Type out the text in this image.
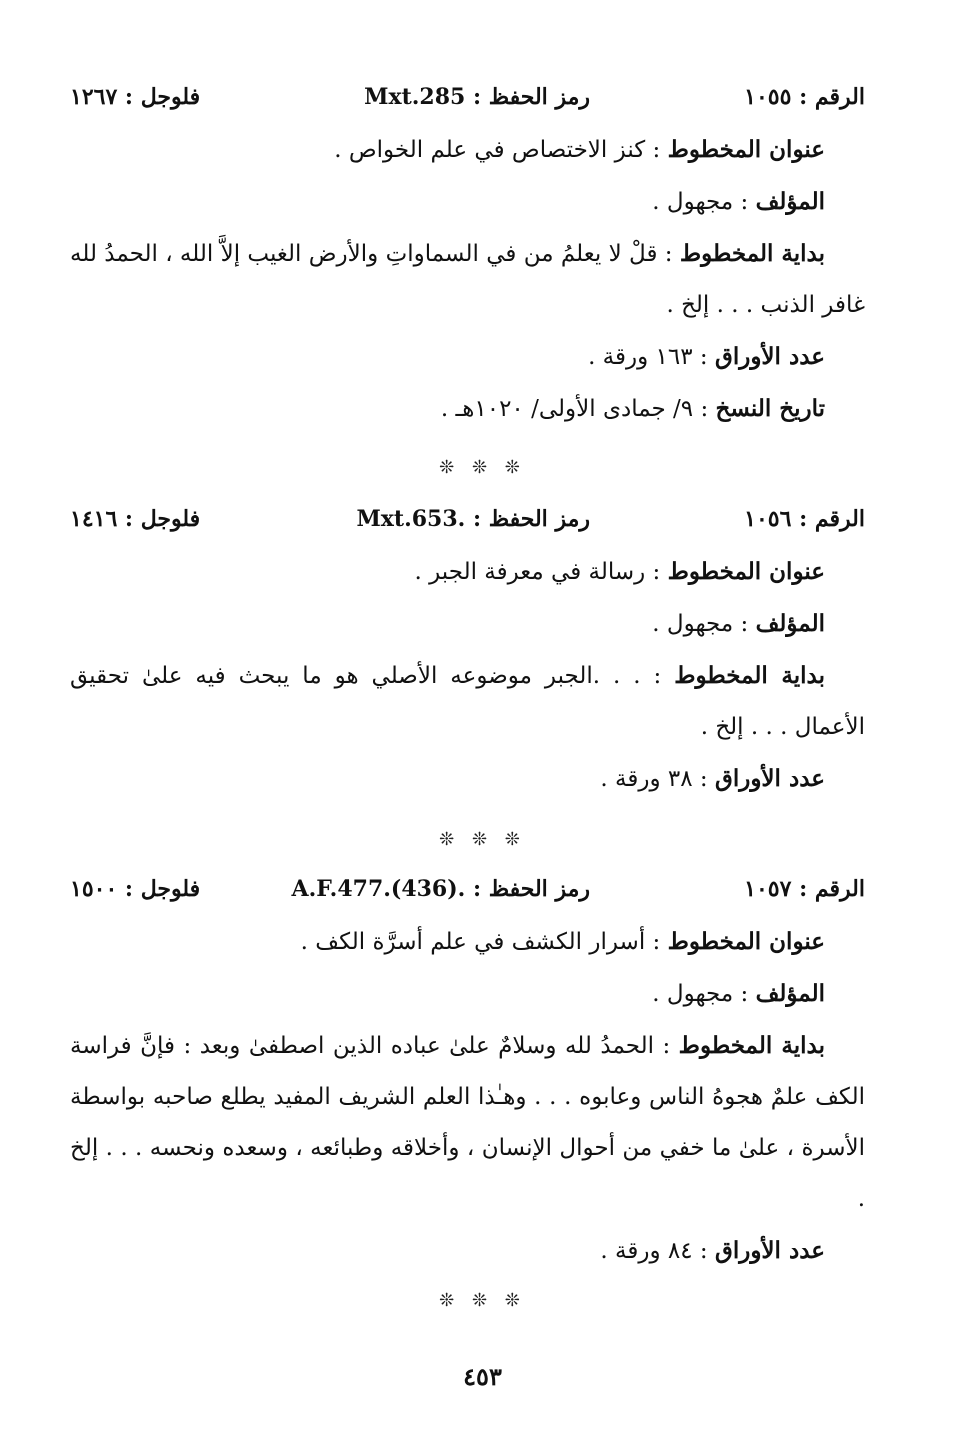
الرقم : ١٠٥٥
رمز الحفظ : Mxt.285
فلوجل : ١٢٦٧
عنوان المخطوط : كنز الاختصاص في علم الخواص .
المؤلف : مجهول .
بداية المخطوط : قلْ لا يعلمُ من في السماواتِ والأرض الغيب إلاَّ الله ، الحمدُ لله غافر الذنب . . . إلخ .
عدد الأوراق : ١٦٣ ورقة .
تاريخ النسخ : ٩/ جمادى الأولى/ ١٠٢٠هـ .
❊ ❊ ❊
الرقم : ١٠٥٦
رمز الحفظ : Mxt.653.
فلوجل : ١٤١٦
عنوان المخطوط : رسالة في معرفة الجبر .
المؤلف : مجهول .
بداية المخطوط : . . .الجبر موضوعه الأصلي هو ما يبحث فيه علىٰ تحقيق الأعمال . . . إلخ .
عدد الأوراق : ٣٨ ورقة .
❊ ❊ ❊
الرقم : ١٠٥٧
رمز الحفظ : A.F.477.(436).
فلوجل : ١٥٠٠
عنوان المخطوط : أسرار الكشف في علم أسرَّة الكف .
المؤلف : مجهول .
بداية المخطوط : الحمدُ لله وسلامٌ علىٰ عباده الذين اصطفىٰ وبعد : فإنَّ فراسة الكف علمٌ هجوهُ الناس وعابوه . . . وهـٰذا العلم الشريف المفيد يطلع صاحبه بواسطة الأسرة ، علىٰ ما خفي من أحوال الإنسان ، وأخلاقه وطبائعه ، وسعده ونحسه . . . إلخ .
عدد الأوراق : ٨٤ ورقة .
❊ ❊ ❊
٤٥٣
